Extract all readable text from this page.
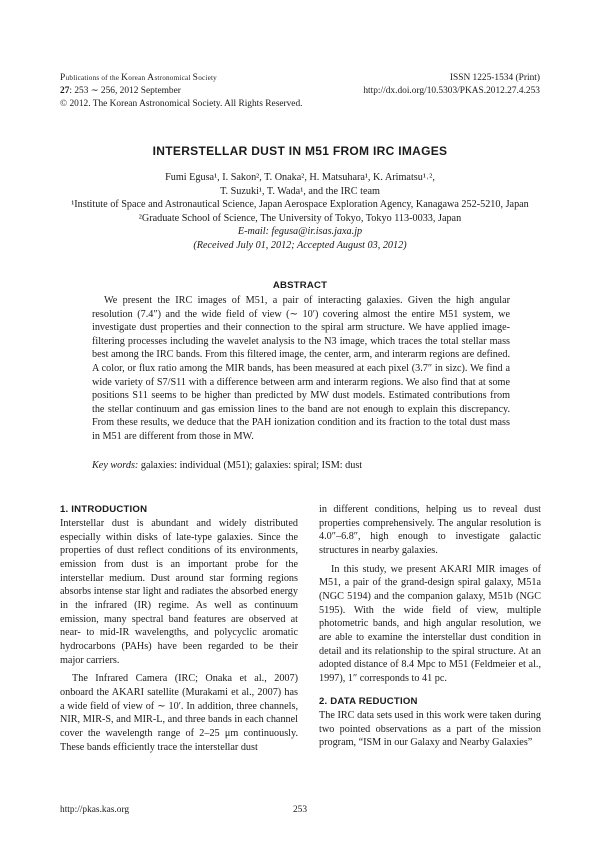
Publications of the Korean Astronomical Society
27: 253 ∼ 256, 2012 September
© 2012. The Korean Astronomical Society. All Rights Reserved.
ISSN 1225-1534 (Print)
http://dx.doi.org/10.5303/PKAS.2012.27.4.253
INTERSTELLAR DUST IN M51 FROM IRC IMAGES
Fumi Egusa¹, I. Sakon², T. Onaka², H. Matsuhara¹, K. Arimatsu¹˒²,
T. Suzuki¹, T. Wada¹, and the IRC team
¹Institute of Space and Astronautical Science, Japan Aerospace Exploration Agency, Kanagawa 252-5210, Japan
²Graduate School of Science, The University of Tokyo, Tokyo 113-0033, Japan
E-mail: fegusa@ir.isas.jaxa.jp
(Received July 01, 2012; Accepted August 03, 2012)
ABSTRACT

We present the IRC images of M51, a pair of interacting galaxies. Given the high angular resolution (7.4″) and the wide field of view (∼ 10′) covering almost the entire M51 system, we investigate dust properties and their connection to the spiral arm structure. We have applied image-filtering processes including the wavelet analysis to the N3 image, which traces the total stellar mass best among the IRC bands. From this filtered image, the center, arm, and interarm regions are defined. A color, or flux ratio among the MIR bands, has been measured at each pixel (3.7″ in sizc). We find a wide variety of S7/S11 with a difference between arm and interarm regions. We also find that at some positions S11 seems to be higher than predicted by MW dust models. Estimated contributions from the stellar continuum and gas emission lines to the band are not enough to explain this discrepancy. From these results, we deduce that the PAH ionization condition and its fraction to the total dust mass in M51 are different from those in MW.

Key words: galaxies: individual (M51); galaxies: spiral; ISM: dust
1. INTRODUCTION

Interstellar dust is abundant and widely distributed especially within disks of late-type galaxies. Since the properties of dust reflect conditions of its environments, emission from dust is an important probe for the interstellar medium. Dust around star forming regions absorbs intense star light and radiates the absorbed energy in the infrared (IR) regime. As well as continuum emission, many spectral band features are observed at near- to mid-IR wavelengths, and polycyclic aromatic hydrocarbons (PAHs) have been regarded to be their major carriers.

The Infrared Camera (IRC; Onaka et al., 2007) onboard the AKARI satellite (Murakami et al., 2007) has a wide field of view of ∼ 10′. In addition, three channels, NIR, MIR-S, and MIR-L, and three bands in each channel cover the wavelength range of 2–25 μm continuously. These bands efficiently trace the interstellar dust

in different conditions, helping us to reveal dust properties comprehensively. The angular resolution is 4.0″–6.8″, high enough to investigate galactic structures in nearby galaxies.

In this study, we present AKARI MIR images of M51, a pair of the grand-design spiral galaxy, M51a (NGC 5194) and the companion galaxy, M51b (NGC 5195). With the wide field of view, multiple photometric bands, and high angular resolution, we are able to examine the interstellar dust condition in detail and its relationship to the spiral structure. At an adopted distance of 8.4 Mpc to M51 (Feldmeier et al., 1997), 1″ corresponds to 41 pc.

2. DATA REDUCTION

The IRC data sets used in this work were taken during two pointed observations as a part of the mission program, “ISM in our Galaxy and Nearby Galaxies”

http://pkas.kas.org	253
